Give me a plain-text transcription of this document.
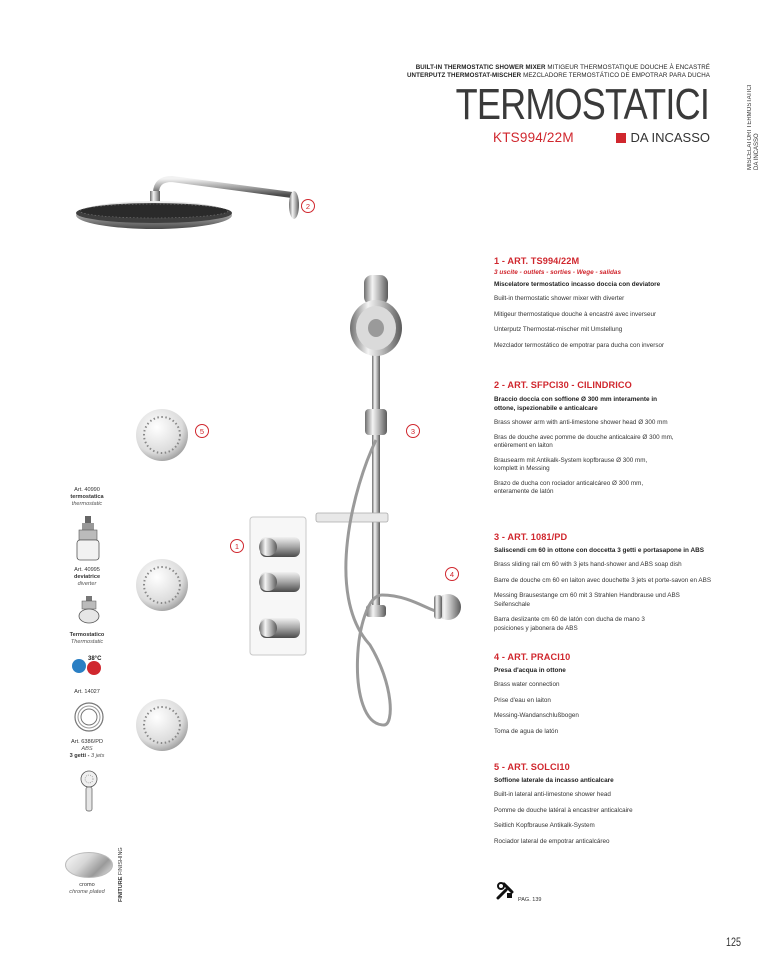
BUILT-IN THERMOSTATIC SHOWER MIXER MITIGEUR THERMOSTATIQUE DOUCHE À ENCASTRÉ
UNTERPUTZ THERMOSTAT-MISCHER MEZCLADORE TERMOSTÁTICO DE EMPOTRAR PARA DUCHA
TERMOSTATICI
KTS994/22M	DA INCASSO	MISCELATORI TERMOSTATICI
DA INCASSO
2
3
5
1
4
1 - ART. TS994/22M
3 uscite - outlets - sorties - Wege - salidas
Miscelatore termostatico incasso doccia con deviatore
Built-in thermostatic shower mixer with diverter
Mitigeur thermostatique douche à encastré avec inverseur
Unterputz Thermostat-mischer mit Umstellung
Mezclador termostático de empotrar para ducha con inversor
2 - ART. SFPCI30 - CILINDRICO
Braccio doccia con soffione Ø 300 mm interamente in ottone, ispezionabile e anticalcare
Brass shower arm with anti-limestone shower head Ø 300 mm
Bras de douche avec pomme de douche anticalcaire Ø 300 mm, entièrement en laiton
Brausearm mit Antikalk-System kopfbrause Ø 300 mm, komplett in Messing
Brazo de ducha con rociador anticalcáreo Ø 300 mm, enteramente de latón
3 - ART. 1081/PD
Saliscendi cm 60 in ottone con doccetta 3 getti e portasapone in ABS
Brass sliding rail cm 60 with 3 jets hand-shower and ABS soap dish
Barre de douche cm 60 en laiton avec douchette 3 jets et porte-savon en ABS
Messing Brausestange cm 60 mit 3 Strahlen Handbrause und ABS Seifenschale
Barra deslizante cm 60 de latón con ducha de mano 3 posiciones y jabonera de ABS
4 - ART. PRACI10
Presa d'acqua in ottone
Brass water connection
Prise d'eau en laiton
Messing-Wandanschlußbogen
Toma de agua de latón
5 - ART. SOLCI10
Soffione laterale da incasso anticalcare
Built-in lateral anti-limestone shower head
Pomme de douche latéral à encastrer anticalcaire
Seitlich Kopfbrause Antikalk-System
Rociador lateral de empotrar anticalcáreo
Art. 40990
termostatica
thermostatic
Art. 40995
deviatrice
diverter
Termostatico
Thermostatic
38°C
Art. 14027
Art. 6386/PD
ABS
3 getti - 3 jets
cromo
chrome plated	FINITURE FINISHING
PAG. 139
125
